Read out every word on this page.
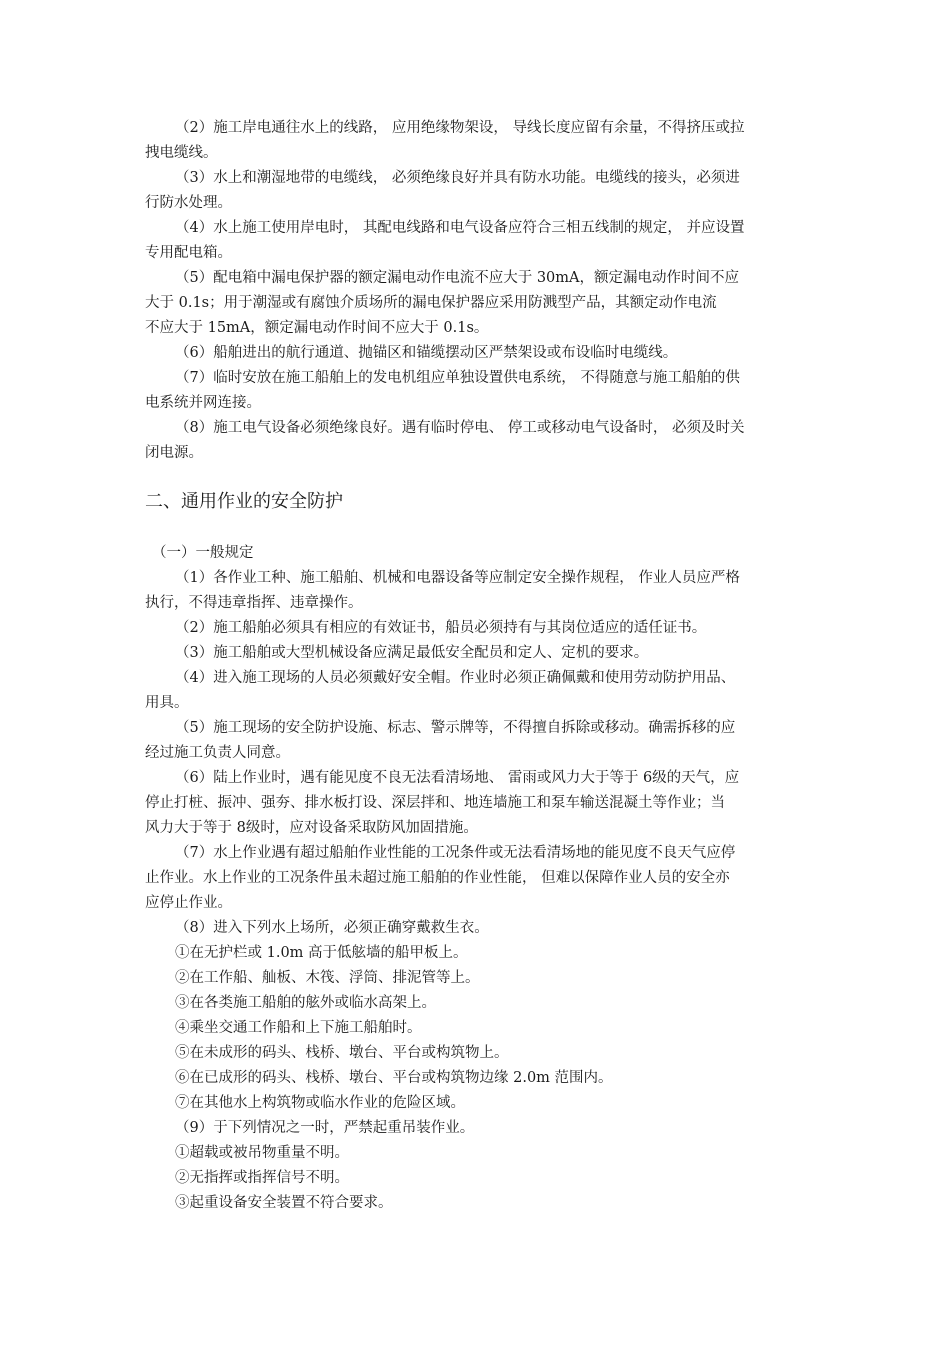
（2）施工岸电通往水上的线路， 应用绝缘物架设， 导线长度应留有余量，不得挤压或拉
拽电缆线。
（3）水上和潮湿地带的电缆线， 必须绝缘良好并具有防水功能。电缆线的接头，必须进
行防水处理。
（4）水上施工使用岸电时， 其配电线路和电气设备应符合三相五线制的规定， 并应设置
专用配电箱。
（5）配电箱中漏电保护器的额定漏电动作电流不应大于 30mA，额定漏电动作时间不应
大于 0.1s；用于潮湿或有腐蚀介质场所的漏电保护器应采用防溅型产品，其额定动作电流
不应大于 15mA，额定漏电动作时间不应大于 0.1s。
（6）船舶进出的航行通道、抛锚区和锚缆摆动区严禁架设或布设临时电缆线。
（7）临时安放在施工船舶上的发电机组应单独设置供电系统， 不得随意与施工船舶的供
电系统并网连接。
（8）施工电气设备必须绝缘良好。遇有临时停电、 停工或移动电气设备时， 必须及时关
闭电源。
二、通用作业的安全防护
（一）一般规定
（1）各作业工种、施工船舶、机械和电器设备等应制定安全操作规程， 作业人员应严格
执行，不得违章指挥、违章操作。
（2）施工船舶必须具有相应的有效证书，船员必须持有与其岗位适应的适任证书。
（3）施工船舶或大型机械设备应满足最低安全配员和定人、定机的要求。
（4）进入施工现场的人员必须戴好安全帽。作业时必须正确佩戴和使用劳动防护用品、
用具。
（5）施工现场的安全防护设施、标志、警示牌等，不得擅自拆除或移动。确需拆移的应
经过施工负责人同意。
（6）陆上作业时，遇有能见度不良无法看清场地、 雷雨或风力大于等于 6级的天气，应
停止打桩、振冲、强夯、排水板打设、深层拌和、地连墙施工和泵车输送混凝土等作业；当
风力大于等于 8级时，应对设备采取防风加固措施。
（7）水上作业遇有超过船舶作业性能的工况条件或无法看清场地的能见度不良天气应停
止作业。水上作业的工况条件虽未超过施工船舶的作业性能， 但难以保障作业人员的安全亦
应停止作业。
（8）进入下列水上场所，必须正确穿戴救生衣。
①在无护栏或 1.0m 高于低舷墙的船甲板上。
②在工作船、舢板、木筏、浮筒、排泥管等上。
③在各类施工船舶的舷外或临水高架上。
④乘坐交通工作船和上下施工船舶时。
⑤在未成形的码头、栈桥、墩台、平台或构筑物上。
⑥在已成形的码头、栈桥、墩台、平台或构筑物边缘 2.0m 范围内。
⑦在其他水上构筑物或临水作业的危险区域。
（9）于下列情况之一时，严禁起重吊装作业。
①超载或被吊物重量不明。
②无指挥或指挥信号不明。
③起重设备安全装置不符合要求。
